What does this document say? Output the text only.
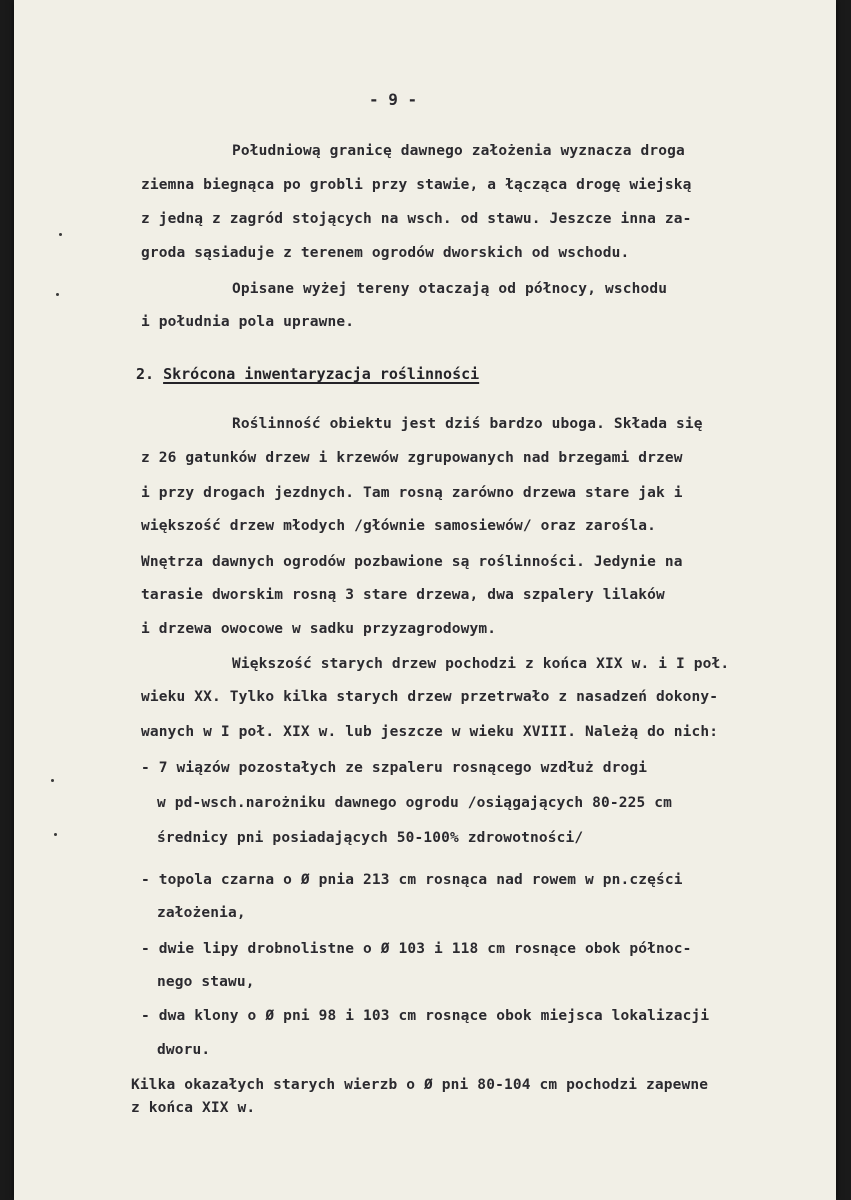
- 9 -

Południową granicę dawnego założenia wyznacza droga

ziemna biegnąca po grobli przy stawie, a łącząca drogę wiejską

z jedną z zagród stojących na wsch. od stawu. Jeszcze inna za-

groda sąsiaduje z terenem ogrodów dworskich od wschodu.

Opisane wyżej tereny otaczają od północy, wschodu

i południa pola uprawne.

2. Skrócona inwentaryzacja roślinności

Roślinność obiektu jest dziś bardzo uboga. Składa się

z 26 gatunków drzew i krzewów zgrupowanych nad brzegami drzew

i przy drogach jezdnych. Tam rosną zarówno drzewa stare jak i

większość drzew młodych /głównie samosiewów/ oraz zarośla.

Wnętrza dawnych ogrodów pozbawione są roślinności. Jedynie na

tarasie dworskim rosną 3 stare drzewa, dwa szpalery lilaków

i drzewa owocowe w sadku przyzagrodowym.

Większość starych drzew pochodzi z końca XIX w. i I poł.

wieku XX. Tylko kilka starych drzew przetrwało z nasadzeń dokony-

wanych w I poł. XIX w. lub jeszcze w wieku XVIII. Należą do nich:

- 7 wiązów pozostałych ze szpaleru rosnącego wzdłuż drogi

w pd-wsch.narożniku dawnego ogrodu /osiągających 80-225 cm

średnicy pni posiadających 50-100% zdrowotności/

- topola czarna o Ø pnia 213 cm rosnąca nad rowem w pn.części

założenia,

- dwie lipy drobnolistne o Ø 103 i 118 cm rosnące obok północ-

nego stawu,

- dwa klony o Ø pni 98 i 103 cm rosnące obok miejsca lokalizacji

dworu.

Kilka okazałych starych wierzb o Ø pni 80-104 cm pochodzi zapewne

z końca XIX w.
